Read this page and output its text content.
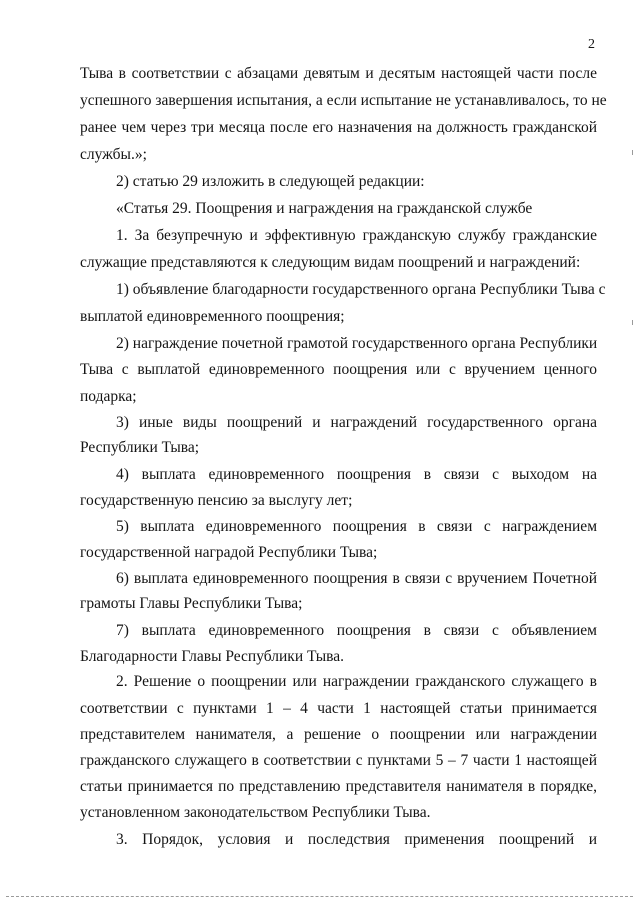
2
Тыва в соответствии с абзацами девятым и десятым настоящей части после
успешного завершения испытания, а если испытание не устанавливалось, то не
ранее чем через три месяца после его назначения на должность гражданской
службы.»;
2) статью 29 изложить в следующей редакции:
«Статья 29. Поощрения и награждения на гражданской службе
1. За безупречную и эффективную гражданскую службу гражданские
служащие представляются к следующим видам поощрений и награждений:
1) объявление благодарности государственного органа Республики Тыва с
выплатой единовременного поощрения;
2) награждение почетной грамотой государственного органа Республики
Тыва с выплатой единовременного поощрения или с вручением ценного
подарка;
3) иные виды поощрений и награждений государственного органа
Республики Тыва;
4) выплата единовременного поощрения в связи с выходом на
государственную пенсию за выслугу лет;
5) выплата единовременного поощрения в связи с награждением
государственной наградой Республики Тыва;
6) выплата единовременного поощрения в связи с вручением Почетной
грамоты Главы Республики Тыва;
7) выплата единовременного поощрения в связи с объявлением
Благодарности Главы Республики Тыва.
2. Решение о поощрении или награждении гражданского служащего в
соответствии с пунктами 1 – 4 части 1 настоящей статьи принимается
представителем нанимателя, а решение о поощрении или награждении
гражданского служащего в соответствии с пунктами 5 – 7 части 1 настоящей
статьи принимается по представлению представителя нанимателя в порядке,
установленном законодательством Республики Тыва.
3. Порядок, условия и последствия применения поощрений и
